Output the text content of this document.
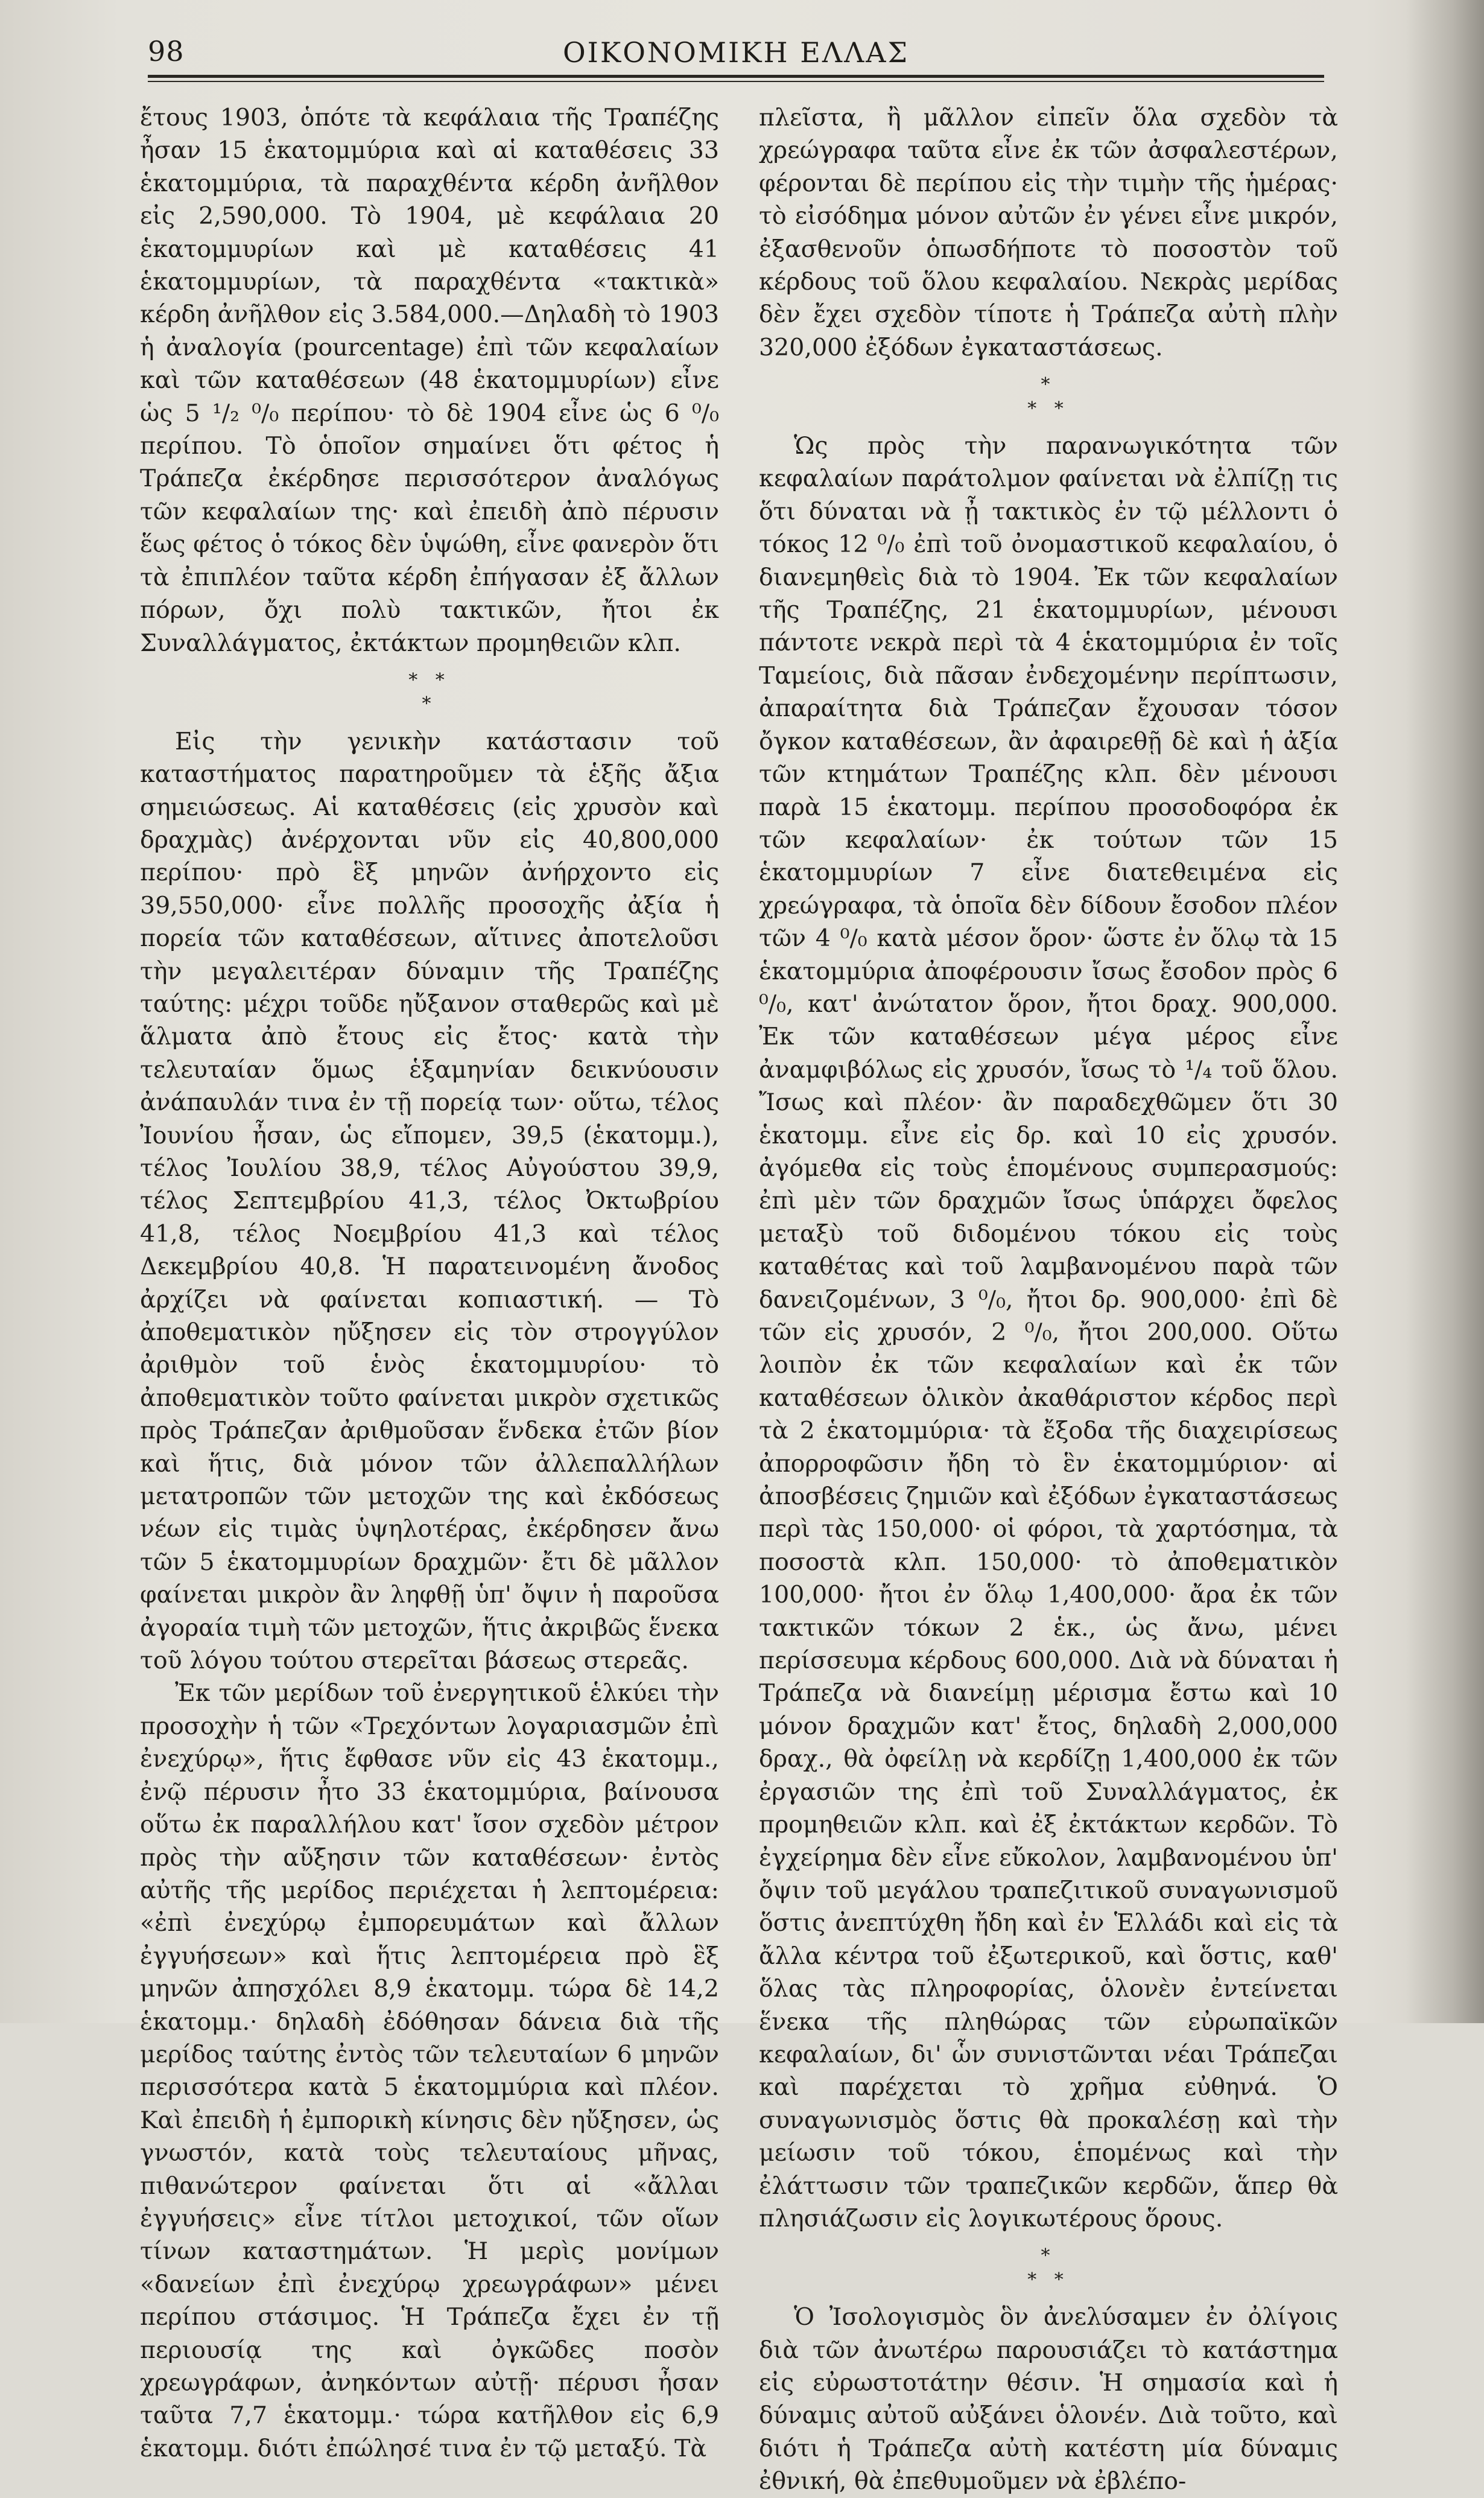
98	ΟΙΚΟΝΟΜΙΚΗ ΕΛΛΑΣ

ἔτους 1903, ὁπότε τὰ κεφάλαια τῆς Τραπέζης ἦσαν 15 ἑκατομμύρια καὶ αἱ καταθέσεις 33 ἑκατομμύρια, τὰ παραχθέντα κέρδη ἀνῆλθον εἰς 2,590,000. Τὸ 1904, μὲ κεφάλαια 20 ἑκατομμυρίων καὶ μὲ καταθέσεις 41 ἑκατομμυρίων, τὰ παραχθέντα «τακτικὰ» κέρδη ἀνῆλθον εἰς 3.584,000.—Δηλαδὴ τὸ 1903 ἡ ἀναλογία (pourcentage) ἐπὶ τῶν κεφαλαίων καὶ τῶν καταθέσεων (48 ἑκατομμυρίων) εἶνε ὡς 5 ¹/₂ ⁰/₀ περίπου· τὸ δὲ 1904 εἶνε ὡς 6 ⁰/₀ περίπου. Τὸ ὁποῖον σημαίνει ὅτι φέτος ἡ Τράπεζα ἐκέρδησε περισσότερον ἀναλόγως τῶν κεφαλαίων της· καὶ ἐπειδὴ ἀπὸ πέρυσιν ἕως φέτος ὁ τόκος δὲν ὑψώθη, εἶνε φανερὸν ὅτι τὰ ἐπιπλέον ταῦτα κέρδη ἐπήγασαν ἐξ ἄλλων πόρων, ὄχι πολὺ τακτικῶν, ἤτοι ἐκ Συναλλάγματος, ἐκτάκτων προμηθειῶν κλπ.

* *
*

Εἰς τὴν γενικὴν κατάστασιν τοῦ καταστήματος παρατηροῦμεν τὰ ἑξῆς ἄξια σημειώσεως. Αἱ καταθέσεις (εἰς χρυσὸν καὶ δραχμὰς) ἀνέρχονται νῦν εἰς 40,800,000 περίπου· πρὸ ἓξ μηνῶν ἀνήρχοντο εἰς 39,550,000· εἶνε πολλῆς προσοχῆς ἀξία ἡ πορεία τῶν καταθέσεων, αἵτινες ἀποτελοῦσι τὴν μεγαλειτέραν δύναμιν τῆς Τραπέζης ταύτης: μέχρι τοῦδε ηὔξανον σταθερῶς καὶ μὲ ἅλματα ἀπὸ ἔτους εἰς ἔτος· κατὰ τὴν τελευταίαν ὅμως ἑξαμηνίαν δεικνύουσιν ἀνάπαυλάν τινα ἐν τῇ πορείᾳ των· οὕτω, τέλος Ἰουνίου ἦσαν, ὡς εἴπομεν, 39,5 (ἑκατομμ.), τέλος Ἰουλίου 38,9, τέλος Αὐγούστου 39,9, τέλος Σεπτεμβρίου 41,3, τέλος Ὀκτωβρίου 41,8, τέλος Νοεμβρίου 41,3 καὶ τέλος Δεκεμβρίου 40,8. Ἡ παρατεινομένη ἄνοδος ἀρχίζει νὰ φαίνεται κοπιαστική. — Τὸ ἀποθεματικὸν ηὔξησεν εἰς τὸν στρογγύλον ἀριθμὸν τοῦ ἑνὸς ἑκατομμυρίου· τὸ ἀποθεματικὸν τοῦτο φαίνεται μικρὸν σχετικῶς πρὸς Τράπεζαν ἀριθμοῦσαν ἕνδεκα ἐτῶν βίον καὶ ἥτις, διὰ μόνον τῶν ἀλλεπαλλήλων μετατροπῶν τῶν μετοχῶν της καὶ ἐκδόσεως νέων εἰς τιμὰς ὑψηλοτέρας, ἐκέρδησεν ἄνω τῶν 5 ἑκατομμυρίων δραχμῶν· ἔτι δὲ μᾶλλον φαίνεται μικρὸν ἂν ληφθῇ ὑπ' ὄψιν ἡ παροῦσα ἀγοραία τιμὴ τῶν μετοχῶν, ἥτις ἀκριβῶς ἕνεκα τοῦ λόγου τούτου στερεῖται βάσεως στερεᾶς.

Ἐκ τῶν μερίδων τοῦ ἐνεργητικοῦ ἑλκύει τὴν προσοχὴν ἡ τῶν «Τρεχόντων λογαριασμῶν ἐπὶ ἐνεχύρῳ», ἥτις ἔφθασε νῦν εἰς 43 ἑκατομμ., ἐνῷ πέρυσιν ἦτο 33 ἑκατομμύρια, βαίνουσα οὕτω ἐκ παραλλήλου κατ' ἴσον σχεδὸν μέτρον πρὸς τὴν αὔξησιν τῶν καταθέσεων· ἐντὸς αὐτῆς τῆς μερίδος περιέχεται ἡ λεπτομέρεια: «ἐπὶ ἐνεχύρῳ ἐμπορευμάτων καὶ ἄλλων ἐγγυήσεων» καὶ ἥτις λεπτομέρεια πρὸ ἓξ μηνῶν ἀπησχόλει 8,9 ἑκατομμ. τώρα δὲ 14,2 ἑκατομμ.· δηλαδὴ ἐδόθησαν δάνεια διὰ τῆς μερίδος ταύτης ἐντὸς τῶν τελευταίων 6 μηνῶν περισσότερα κατὰ 5 ἑκατομμύρια καὶ πλέον. Καὶ ἐπειδὴ ἡ ἐμπορικὴ κίνησις δὲν ηὔξησεν, ὡς γνωστόν, κατὰ τοὺς τελευταίους μῆνας, πιθανώτερον φαίνεται ὅτι αἱ «ἄλλαι ἐγγυήσεις» εἶνε τίτλοι μετοχικοί, τῶν οἵων τίνων καταστημάτων. Ἡ μερὶς μονίμων «δανείων ἐπὶ ἐνεχύρῳ χρεωγράφων» μένει περίπου στάσιμος. Ἡ Τράπεζα ἔχει ἐν τῇ περιουσίᾳ της καὶ ὀγκῶδες ποσὸν χρεωγράφων, ἀνηκόντων αὐτῇ· πέρυσι ἦσαν ταῦτα 7,7 ἑκατομμ.· τώρα κατῆλθον εἰς 6,9 ἑκατομμ. διότι ἐπώλησέ τινα ἐν τῷ μεταξύ. Τὰ

πλεῖστα, ἢ μᾶλλον εἰπεῖν ὅλα σχεδὸν τὰ χρεώγραφα ταῦτα εἶνε ἐκ τῶν ἀσφαλεστέρων, φέρονται δὲ περίπου εἰς τὴν τιμὴν τῆς ἡμέρας· τὸ εἰσόδημα μόνον αὐτῶν ἐν γένει εἶνε μικρόν, ἐξασθενοῦν ὁπωσδήποτε τὸ ποσοστὸν τοῦ κέρδους τοῦ ὅλου κεφαλαίου. Νεκρὰς μερίδας δὲν ἔχει σχεδὸν τίποτε ἡ Τράπεζα αὐτὴ πλὴν 320,000 ἐξόδων ἐγκαταστάσεως.

*
* *

Ὡς πρὸς τὴν παρανωγικότητα τῶν κεφαλαίων παράτολμον φαίνεται νὰ ἐλπίζῃ τις ὅτι δύναται νὰ ᾖ τακτικὸς ἐν τῷ μέλλοντι ὁ τόκος 12 ⁰/₀ ἐπὶ τοῦ ὀνομαστικοῦ κεφαλαίου, ὁ διανεμηθεὶς διὰ τὸ 1904. Ἐκ τῶν κεφαλαίων τῆς Τραπέζης, 21 ἑκατομμυρίων, μένουσι πάντοτε νεκρὰ περὶ τὰ 4 ἑκατομμύρια ἐν τοῖς Ταμείοις, διὰ πᾶσαν ἐνδεχομένην περίπτωσιν, ἀπαραίτητα διὰ Τράπεζαν ἔχουσαν τόσον ὄγκον καταθέσεων, ἂν ἀφαιρεθῇ δὲ καὶ ἡ ἀξία τῶν κτημάτων Τραπέζης κλπ. δὲν μένουσι παρὰ 15 ἑκατομμ. περίπου προσοδοφόρα ἐκ τῶν κεφαλαίων· ἐκ τούτων τῶν 15 ἑκατομμυρίων 7 εἶνε διατεθειμένα εἰς χρεώγραφα, τὰ ὁποῖα δὲν δίδουν ἔσοδον πλέον τῶν 4 ⁰/₀ κατὰ μέσον ὅρον· ὥστε ἐν ὅλῳ τὰ 15 ἑκατομμύρια ἀποφέρουσιν ἴσως ἔσοδον πρὸς 6 ⁰/₀, κατ' ἀνώτατον ὅρον, ἤτοι δραχ. 900,000. Ἐκ τῶν καταθέσεων μέγα μέρος εἶνε ἀναμφιβόλως εἰς χρυσόν, ἴσως τὸ ¹/₄ τοῦ ὅλου. Ἴσως καὶ πλέον· ἂν παραδεχθῶμεν ὅτι 30 ἑκατομμ. εἶνε εἰς δρ. καὶ 10 εἰς χρυσόν. ἀγόμεθα εἰς τοὺς ἑπομένους συμπερασμούς: ἐπὶ μὲν τῶν δραχμῶν ἴσως ὑπάρχει ὄφελος μεταξὺ τοῦ διδομένου τόκου εἰς τοὺς καταθέτας καὶ τοῦ λαμβανομένου παρὰ τῶν δανειζομένων, 3 ⁰/₀, ἤτοι δρ. 900,000· ἐπὶ δὲ τῶν εἰς χρυσόν, 2 ⁰/₀, ἤτοι 200,000. Οὕτω λοιπὸν ἐκ τῶν κεφαλαίων καὶ ἐκ τῶν καταθέσεων ὁλικὸν ἀκαθάριστον κέρδος περὶ τὰ 2 ἑκατομμύρια· τὰ ἔξοδα τῆς διαχειρίσεως ἀπορροφῶσιν ἤδη τὸ ἓν ἑκατομμύριον· αἱ ἀποσβέσεις ζημιῶν καὶ ἐξόδων ἐγκαταστάσεως περὶ τὰς 150,000· οἱ φόροι, τὰ χαρτόσημα, τὰ ποσοστὰ κλπ. 150,000· τὸ ἀποθεματικὸν 100,000· ἤτοι ἐν ὅλῳ 1,400,000· ἄρα ἐκ τῶν τακτικῶν τόκων 2 ἑκ., ὡς ἄνω, μένει περίσσευμα κέρδους 600,000. Διὰ νὰ δύναται ἡ Τράπεζα νὰ διανείμῃ μέρισμα ἔστω καὶ 10 μόνον δραχμῶν κατ' ἔτος, δηλαδὴ 2,000,000 δραχ., θὰ ὀφείλῃ νὰ κερδίζῃ 1,400,000 ἐκ τῶν ἐργασιῶν της ἐπὶ τοῦ Συναλλάγματος, ἐκ προμηθειῶν κλπ. καὶ ἐξ ἐκτάκτων κερδῶν. Τὸ ἐγχείρημα δὲν εἶνε εὔκολον, λαμβανομένου ὑπ' ὄψιν τοῦ μεγάλου τραπεζιτικοῦ συναγωνισμοῦ ὅστις ἀνεπτύχθη ἤδη καὶ ἐν Ἑλλάδι καὶ εἰς τὰ ἄλλα κέντρα τοῦ ἐξωτερικοῦ, καὶ ὅστις, καθ' ὅλας τὰς πληροφορίας, ὁλονὲν ἐντείνεται ἕνεκα τῆς πληθώρας τῶν εὐρωπαϊκῶν κεφαλαίων, δι' ὧν συνιστῶνται νέαι Τράπεζαι καὶ παρέχεται τὸ χρῆμα εὐθηνά. Ὁ συναγωνισμὸς ὅστις θὰ προκαλέσῃ καὶ τὴν μείωσιν τοῦ τόκου, ἑπομένως καὶ τὴν ἐλάττωσιν τῶν τραπεζικῶν κερδῶν, ἅπερ θὰ πλησιάζωσιν εἰς λογικωτέρους ὅρους.

*
* *

Ὁ Ἰσολογισμὸς ὃν ἀνελύσαμεν ἐν ὀλίγοις διὰ τῶν ἀνωτέρω παρουσιάζει τὸ κατάστημα εἰς εὐρωστοτάτην θέσιν. Ἡ σημασία καὶ ἡ δύναμις αὐτοῦ αὐξάνει ὁλονέν. Διὰ τοῦτο, καὶ διότι ἡ Τράπεζα αὐτὴ κατέστη μία δύναμις ἐθνική, θὰ ἐπεθυμοῦμεν νὰ ἐβλέπο-
